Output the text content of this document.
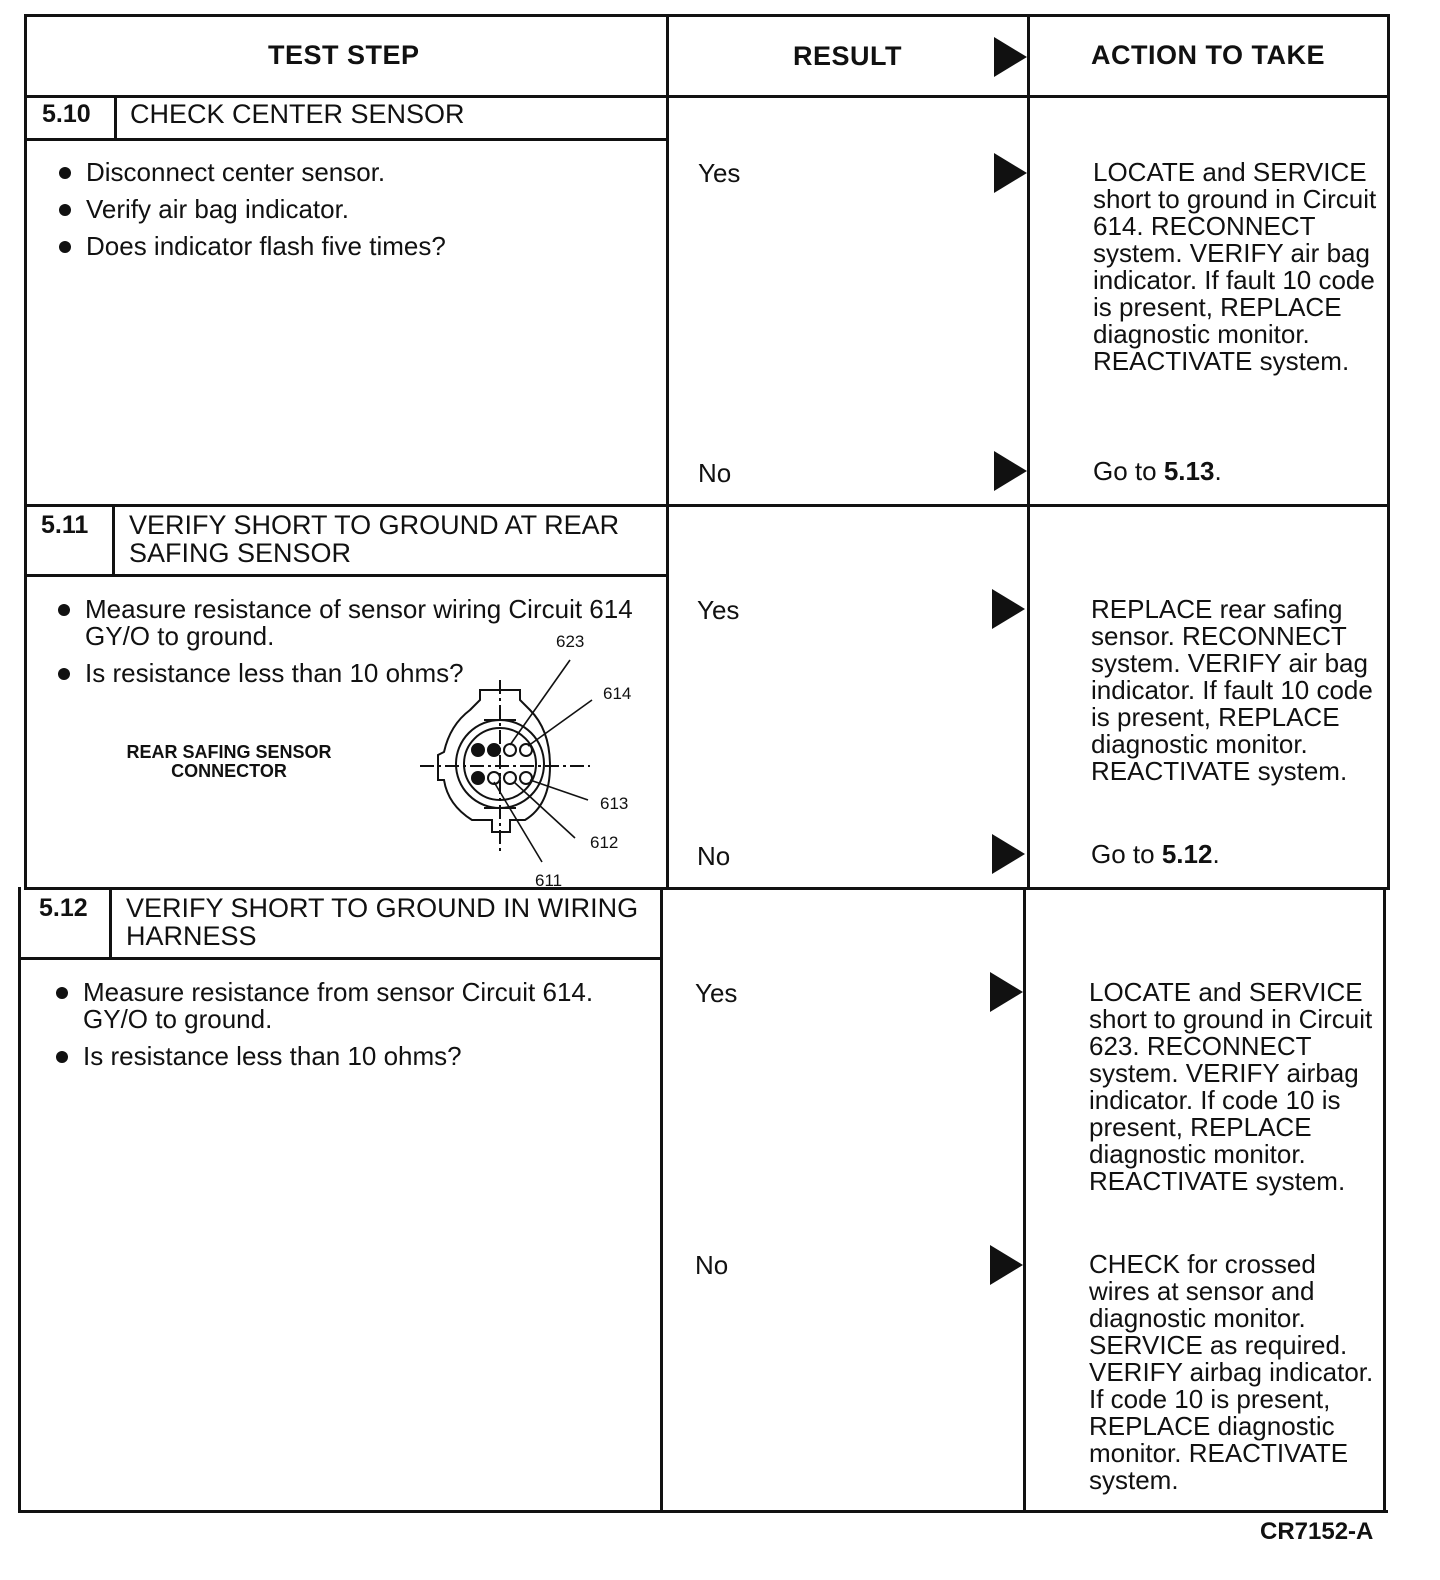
TEST STEP	RESULT	ACTION TO TAKE
5.10 CHECK CENTER SENSOR
Disconnect center sensor.
Verify air bag indicator.
Does indicator flash five times?
Yes	LOCATE and SERVICE short to ground in Circuit 614. RECONNECT system. VERIFY air bag indicator. If fault 10 code is present, REPLACE diagnostic monitor. REACTIVATE system.
No	Go to 5.13.
5.11 VERIFY SHORT TO GROUND AT REAR SAFING SENSOR
Measure resistance of sensor wiring Circuit 614 GY/O to ground.
Is resistance less than 10 ohms?
REAR SAFING SENSOR CONNECTOR
623
614
613
612
611
Yes	REPLACE rear safing sensor. RECONNECT system. VERIFY air bag indicator. If fault 10 code is present, REPLACE diagnostic monitor. REACTIVATE system.
No	Go to 5.12.
5.12 VERIFY SHORT TO GROUND IN WIRING HARNESS
Measure resistance from sensor Circuit 614. GY/O to ground.
Is resistance less than 10 ohms?
Yes	LOCATE and SERVICE short to ground in Circuit 623. RECONNECT system. VERIFY airbag indicator. If code 10 is present, REPLACE diagnostic monitor. REACTIVATE system.
No	CHECK for crossed wires at sensor and diagnostic monitor. SERVICE as required. VERIFY airbag indicator. If code 10 is present, REPLACE diagnostic monitor. REACTIVATE system.
CR7152-A
